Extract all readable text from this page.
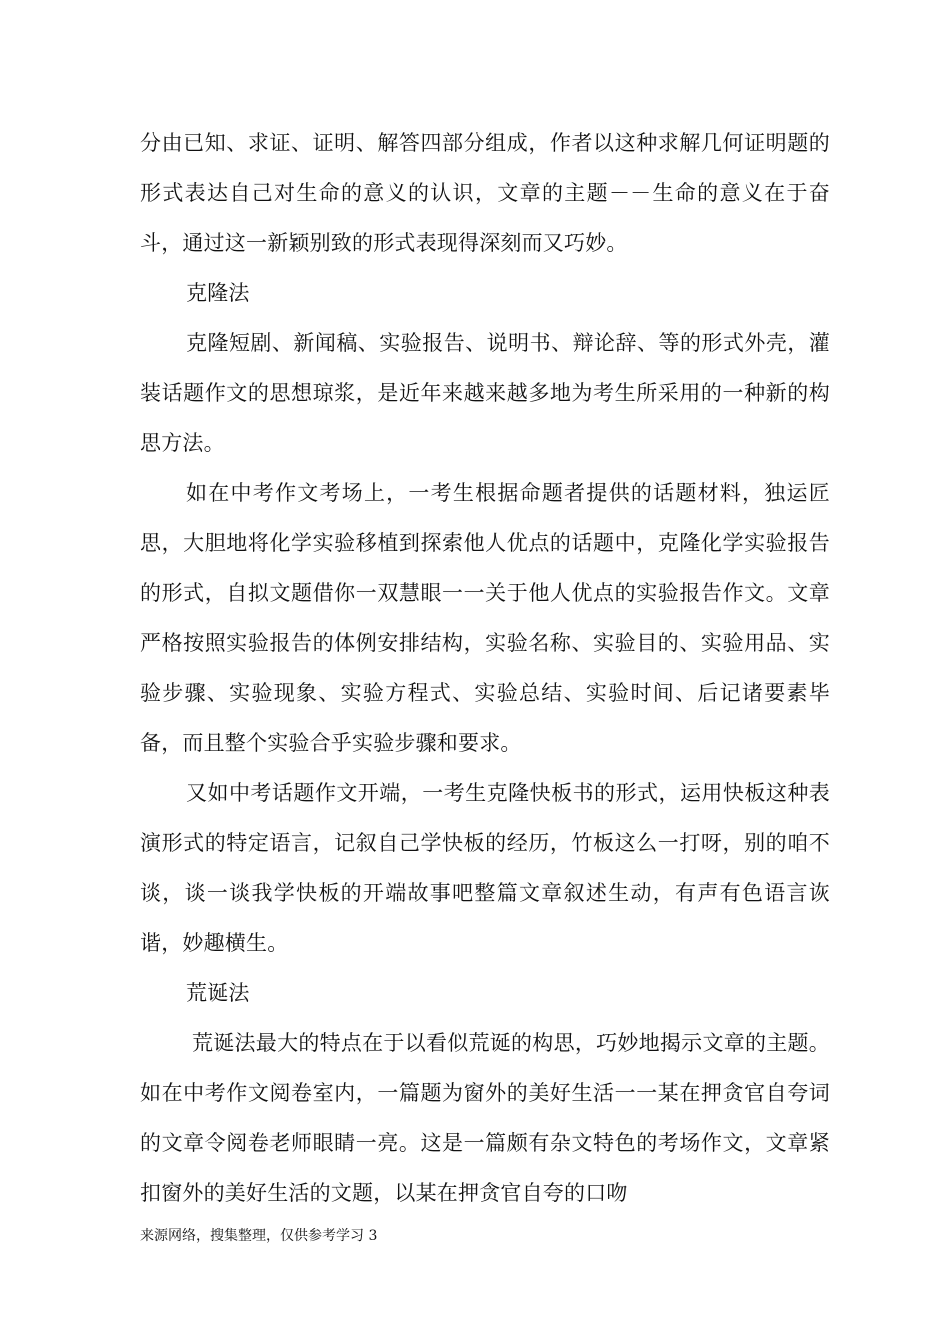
分由已知、求证、证明、解答四部分组成，作者以这种求解几何证明题的形式表达自己对生命的意义的认识，文章的主题－－生命的意义在于奋斗，通过这一新颖别致的形式表现得深刻而又巧妙。

克隆法

克隆短剧、新闻稿、实验报告、说明书、辩论辞、等的形式外壳，灌装话题作文的思想琼浆，是近年来越来越多地为考生所采用的一种新的构思方法。

如在中考作文考场上，一考生根据命题者提供的话题材料，独运匠思，大胆地将化学实验移植到探索他人优点的话题中，克隆化学实验报告的形式，自拟文题借你一双慧眼一一关于他人优点的实验报告作文。文章严格按照实验报告的体例安排结构，实验名称、实验目的、实验用品、实验步骤、实验现象、实验方程式、实验总结、实验时间、后记诸要素毕备，而且整个实验合乎实验步骤和要求。

又如中考话题作文开端，一考生克隆快板书的形式，运用快板这种表演形式的特定语言，记叙自己学快板的经历，竹板这么一打呀，别的咱不谈，谈一谈我学快板的开端故事吧整篇文章叙述生动，有声有色语言诙谐，妙趣横生。

荒诞法

荒诞法最大的特点在于以看似荒诞的构思，巧妙地揭示文章的主题。如在中考作文阅卷室内，一篇题为窗外的美好生活一一某在押贪官自夸词的文章令阅卷老师眼睛一亮。这是一篇颇有杂文特色的考场作文，文章紧扣窗外的美好生活的文题，以某在押贪官自夸的口吻

来源网络，搜集整理，仅供参考学习 3
